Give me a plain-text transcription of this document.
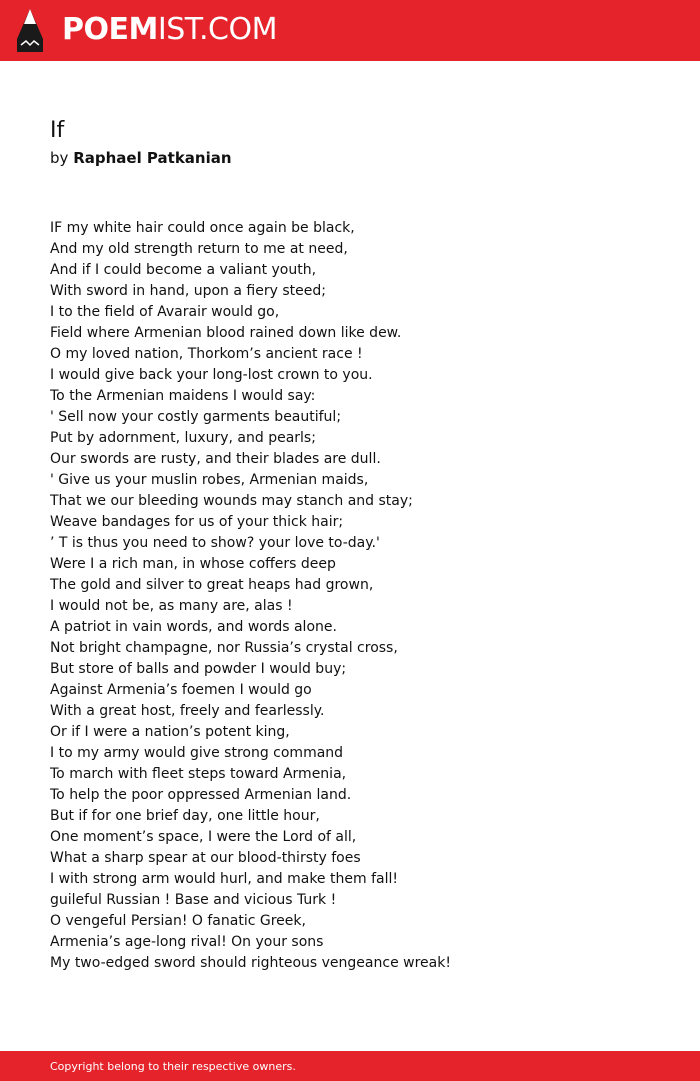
POEMIST.COM
If
by Raphael Patkanian
IF my white hair could once again be black,
And my old strength return to me at need,
And if I could become a valiant youth,
With sword in hand, upon a fiery steed;
I to the field of Avarair would go,
Field where Armenian blood rained down like dew.
O my loved nation, Thorkom’s ancient race !
I would give back your long-lost crown to you.
To the Armenian maidens I would say:
' Sell now your costly garments beautiful;
Put by adornment, luxury, and pearls;
Our swords are rusty, and their blades are dull.
' Give us your muslin robes, Armenian maids,
That we our bleeding wounds may stanch and stay;
Weave bandages for us of your thick hair;
’ T is thus you need to show? your love to-day.'
Were I a rich man, in whose coffers deep
The gold and silver to great heaps had grown,
I would not be, as many are, alas !
A patriot in vain words, and words alone.
Not bright champagne, nor Russia’s crystal cross,
But store of balls and powder I would buy;
Against Armenia’s foemen I would go
With a great host, freely and fearlessly.
Or if I were a nation’s potent king,
I to my army would give strong command
To march with fleet steps toward Armenia,
To help the poor oppressed Armenian land.
But if for one brief day, one little hour,
One moment’s space, I were the Lord of all,
What a sharp spear at our blood-thirsty foes
I with strong arm would hurl, and make them fall!
guileful Russian ! Base and vicious Turk !
O vengeful Persian! O fanatic Greek,
Armenia’s age-long rival! On your sons
My two-edged sword should righteous vengeance wreak!
Copyright belong to their respective owners.
